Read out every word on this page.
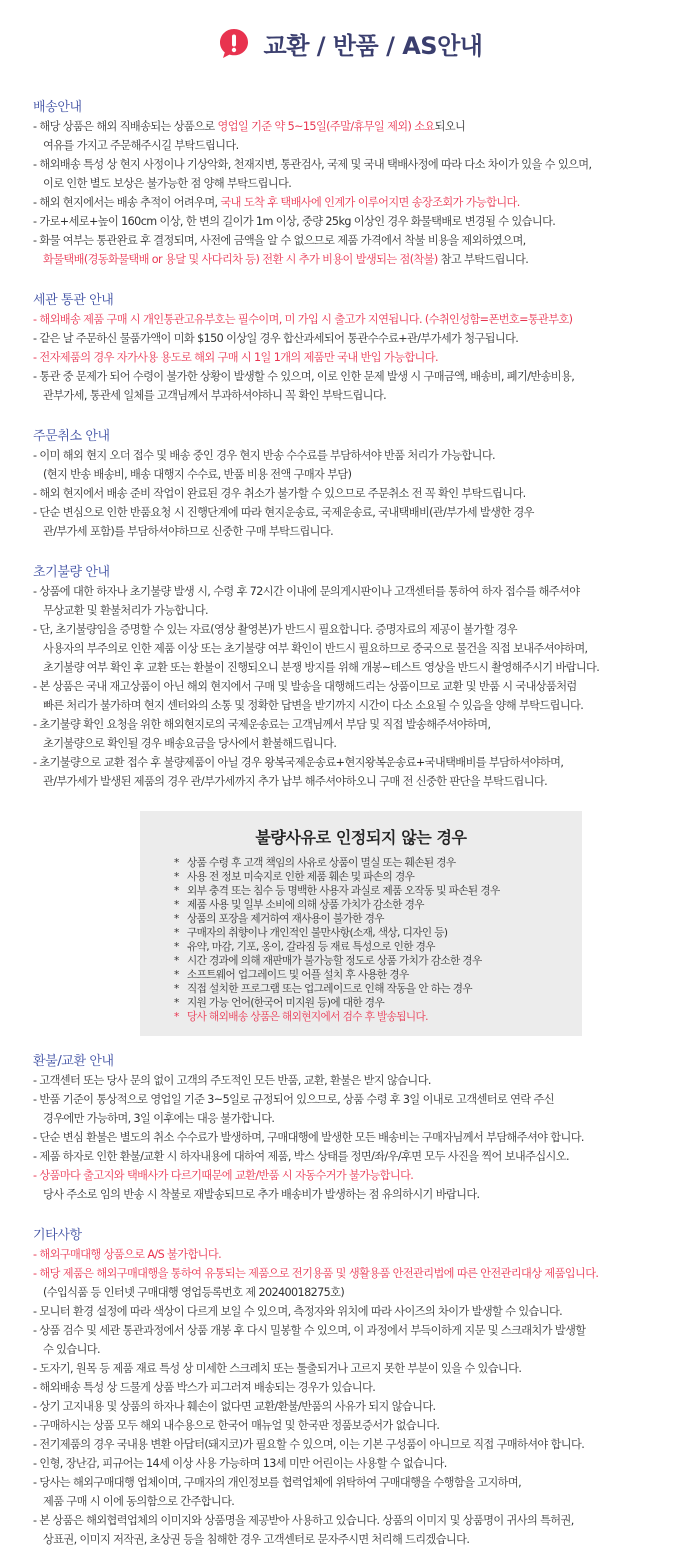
교환 / 반품 / AS안내
배송안내
- 해당 상품은 해외 직배송되는 상품으로 영업일 기준 약 5~15일(주말/휴무일 제외) 소요되오니
여유를 가지고 주문해주시길 부탁드립니다.
- 해외배송 특성 상 현지 사정이나 기상악화, 천재지변, 통관검사, 국제 및 국내 택배사정에 따라 다소 차이가 있을 수 있으며,
이로 인한 별도 보상은 불가능한 점 양해 부탁드립니다.
- 해외 현지에서는 배송 추적이 어려우며, 국내 도착 후 택배사에 인계가 이루어지면 송장조회가 가능합니다.
- 가로+세로+높이 160cm 이상, 한 변의 길이가 1m 이상, 중량 25kg 이상인 경우 화물택배로 변경될 수 있습니다.
- 화물 여부는 통관완료 후 결정되며, 사전에 금액을 알 수 없으므로 제품 가격에서 착불 비용을 제외하였으며,
화물택배(경동화물택배 or 용달 및 사다리차 등) 전환 시 추가 비용이 발생되는 점(착불) 참고 부탁드립니다.
세관 통관 안내
- 해외배송 제품 구매 시 개인통관고유부호는 필수이며, 미 가입 시 출고가 지연됩니다. (수취인성함=폰번호=통관부호)
- 같은 날 주문하신 물품가액이 미화 $150 이상일 경우 합산과세되어 통관수수료+관/부가세가 청구됩니다.
- 전자제품의 경우 자가사용 용도로 해외 구매 시 1일 1개의 제품만 국내 반입 가능합니다.
- 통관 중 문제가 되어 수령이 불가한 상황이 발생할 수 있으며, 이로 인한 문제 발생 시 구매금액, 배송비, 폐기/반송비용,
관부가세, 통관세 일체를 고객님께서 부과하셔야하니 꼭 확인 부탁드립니다.
주문취소 안내
- 이미 해외 현지 오더 접수 및 배송 중인 경우 현지 반송 수수료를 부담하셔야 반품 처리가 가능합니다.
(현지 반송 배송비, 배송 대행지 수수료, 반품 비용 전액 구매자 부담)
- 해외 현지에서 배송 준비 작업이 완료된 경우 취소가 불가할 수 있으므로 주문취소 전 꼭 확인 부탁드립니다.
- 단순 변심으로 인한 반품요청 시 진행단계에 따라 현지운송료, 국제운송료, 국내택배비(관/부가세 발생한 경우
관/부가세 포함)를 부담하셔야하므로 신중한 구매 부탁드립니다.
초기불량 안내
- 상품에 대한 하자나 초기불량 발생 시, 수령 후 72시간 이내에 문의게시판이나 고객센터를 통하여 하자 접수를 해주셔야
무상교환 및 환불처리가 가능합니다.
- 단, 초기불량임을 증명할 수 있는 자료(영상 촬영본)가 반드시 필요합니다. 증명자료의 제공이 불가할 경우
사용자의 부주의로 인한 제품 이상 또는 초기불량 여부 확인이 반드시 필요하므로 중국으로 물건을 직접 보내주셔야하며,
초기불량 여부 확인 후 교환 또는 환불이 진행되오니 분쟁 방지를 위해 개봉~테스트 영상을 반드시 촬영해주시기 바랍니다.
- 본 상품은 국내 재고상품이 아닌 해외 현지에서 구매 및 발송을 대행해드리는 상품이므로 교환 및 반품 시 국내상품처럼
빠른 처리가 불가하며 현지 센터와의 소통 및 정확한 답변을 받기까지 시간이 다소 소요될 수 있음을 양해 부탁드립니다.
- 초기불량 확인 요청을 위한 해외현지로의 국제운송료는 고객님께서 부담 및 직접 발송해주셔야하며,
초기불량으로 확인될 경우 배송요금을 당사에서 환불해드립니다.
- 초기불량으로 교환 접수 후 불량제품이 아닐 경우 왕복국제운송료+현지왕복운송료+국내택배비를 부담하셔야하며,
관/부가세가 발생된 제품의 경우 관/부가세까지 추가 납부 해주셔야하오니 구매 전 신중한 판단을 부탁드립니다.
불량사유로 인정되지 않는 경우
* 상품 수령 후 고객 책임의 사유로 상품이 멸실 또는 훼손된 경우
* 사용 전 정보 미숙지로 인한 제품 훼손 및 파손의 경우
* 외부 충격 또는 침수 등 명백한 사용자 과실로 제품 오작동 및 파손된 경우
* 제품 사용 및 일부 소비에 의해 상품 가치가 감소한 경우
* 상품의 포장을 제거하여 재사용이 불가한 경우
* 구매자의 취향이나 개인적인 불만사항(소재, 색상, 디자인 등)
* 유약, 마감, 기포, 옹이, 갈라짐 등 재료 특성으로 인한 경우
* 시간 경과에 의해 재판매가 불가능할 정도로 상품 가치가 감소한 경우
* 소프트웨어 업그레이드 및 어플 설치 후 사용한 경우
* 직접 설치한 프로그램 또는 업그레이드로 인해 작동을 안 하는 경우
* 지원 가능 언어(한국어 미지원 등)에 대한 경우
* 당사 해외배송 상품은 해외현지에서 검수 후 발송됩니다.
환불/교환 안내
- 고객센터 또는 당사 문의 없이 고객의 주도적인 모든 반품, 교환, 환불은 받지 않습니다.
- 반품 기준이 통상적으로 영업일 기준 3~5일로 규정되어 있으므로, 상품 수령 후 3일 이내로 고객센터로 연락 주신
경우에만 가능하며, 3일 이후에는 대응 불가합니다.
- 단순 변심 환불은 별도의 취소 수수료가 발생하며, 구매대행에 발생한 모든 배송비는 구매자님께서 부담해주셔야 합니다.
- 제품 하자로 인한 환불/교환 시 하자내용에 대하여 제품, 박스 상태를 정면/좌/우/후면 모두 사진을 찍어 보내주십시오.
- 상품마다 출고지와 택배사가 다르기때문에 교환/반품 시 자동수거가 불가능합니다.
당사 주소로 임의 반송 시 착불로 재발송되므로 추가 배송비가 발생하는 점 유의하시기 바랍니다.
기타사항
- 해외구매대행 상품으로 A/S 불가합니다.
- 해당 제품은 해외구매대행을 통하여 유통되는 제품으로 전기용품 및 생활용품 안전관리법에 따른 안전관리대상 제품입니다.
(수입식품 등 인터넷 구매대행 영업등록번호 제 20240018275호)
- 모니터 환경 설정에 따라 색상이 다르게 보일 수 있으며, 측정자와 위치에 따라 사이즈의 차이가 발생할 수 있습니다.
- 상품 검수 및 세관 통관과정에서 상품 개봉 후 다시 밀봉할 수 있으며, 이 과정에서 부득이하게 지문 및 스크래치가 발생할
수 있습니다.
- 도자기, 원목 등 제품 재료 특성 상 미세한 스크레치 또는 툴출되거나 고르지 못한 부분이 있을 수 있습니다.
- 해외배송 특성 상 드물게 상품 박스가 피그러져 배송되는 경우가 있습니다.
- 상기 고지내용 및 상품의 하자나 훼손이 없다면 교환/환불/반품의 사유가 되지 않습니다.
- 구매하시는 상품 모두 해외 내수용으로 한국어 매뉴얼 및 한국판 정품보증서가 없습니다.
- 전기제품의 경우 국내용 변환 아답터(돼지코)가 필요할 수 있으며, 이는 기본 구성품이 아니므로 직접 구매하셔야 합니다.
- 인형, 장난감, 피규어는 14세 이상 사용 가능하며 13세 미만 어린이는 사용할 수 없습니다.
- 당사는 해외구매대행 업체이며, 구매자의 개인정보를 협력업체에 위탁하여 구매대행을 수행함을 고지하며,
제품 구매 시 이에 동의함으로 간주합니다.
- 본 상품은 해외협력업체의 이미지와 상품명을 제공받아 사용하고 있습니다. 상품의 이미지 및 상품명이 귀사의 특허권,
상표권, 이미지 저작권, 초상권 등을 침해한 경우 고객센터로 문자주시면 처리해 드리겠습니다.
